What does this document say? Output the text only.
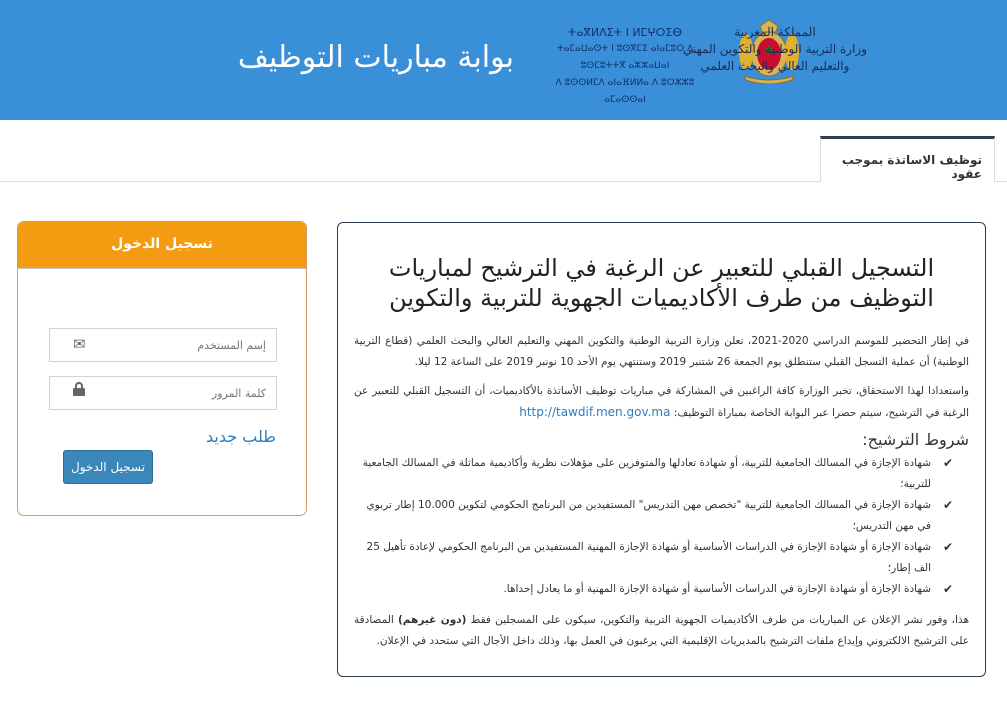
بوابة مباريات التوظيف
ⵜⴰⴳⵍⴷⵉⵜ ⵏ ⵍⵎⵖⵔⵉⴱ
ⵜⴰⵎⴰⵡⴰⵙⵜ ⵏ ⵓⵙⴳⵎⵉ ⴰⵏⴰⵎⵓⵔ ⴷ ⵓⵙⵎⵓⵜⵜⴳ ⴰⵣⵣⴰⵡⴰⵏ
ⴷ ⵓⵙⵙⵍⵎⴷ ⴰⵏⴰⴼⵍⵍⴰ ⴷ ⵓⵔⵣⵣⵓ ⴰⵎⴰⵙⵙⴰⵏ
المملكة المغربية
وزارة التربية الوطنية والتكوين المهني
والتعليم العالي والبحث العلمي
توظيف الاساتذة بموجب عقود
تسجيل الدخول
إسم المستخدم
✉
طلب جديد
تسجيل الدخول
التسجيل القبلي للتعبير عن الرغبة في الترشيح لمباريات التوظيف من طرف الأكاديميات الجهوية للتربية والتكوين

في إطار التحضير للموسم الدراسي 2020-2021، تعلن وزارة التربية الوطنية والتكوين المهني والتعليم العالي والبحث العلمي (قطاع التربية الوطنية) أن عملية التسجل القبلي ستنطلق يوم الجمعة 26 شتنبر 2019 وستنتهي يوم الأحد 10 نونبر 2019 على الساعة 12 ليلا.

واستعدادا لهذا الاستحقاق، تخبر الوزارة كافة الراغبين في المشاركة في مباريات توظيف الأساتذة بالأكاديميات، أن التسجيل القبلي للتعبير عن الرغبة في الترشيح، سيتم حصرا عبر البوابة الخاصة بمباراة التوظيف: http://tawdif.men.gov.ma

شروط الترشيح:
✔
شهادة الإجازة في المسالك الجامعية للتربية، أو شهادة تعادلها والمتوفرين على مؤهلات نظرية وأكاديمية مماثلة في المسالك الجامعية للتربية؛
✔
شهادة الإجازة في المسالك الجامعية للتربية "تخصص مهن التدريس" المستفيدين من البرنامج الحكومي لتكوين 10.000 إطار تربوي في مهن التدريس؛
✔
شهادة الإجازة أو شهادة الإجازة في الدراسات الأساسية أو شهادة الإجازة المهنية المستفيدين من البرنامج الحكومي لإعادة تأهيل 25 الف إطار؛
✔
شهادة الإجازة أو شهادة الإجازة في الدراسات الأساسية أو شهادة الإجازة المهنية أو ما يعادل إحداها.

هذا، وفور نشر الإعلان عن المباريات من طرف الأكاديميات الجهوية التربية والتكوين، سيكون على المسجلين فقط (دون غيرهم) المصادقة على الترشيح الالكتروني وإيداع ملفات الترشيح بالمديريات الإقليمية التي يرغبون في العمل بها، وذلك داخل الأجال التي ستحدد في الإعلان.
